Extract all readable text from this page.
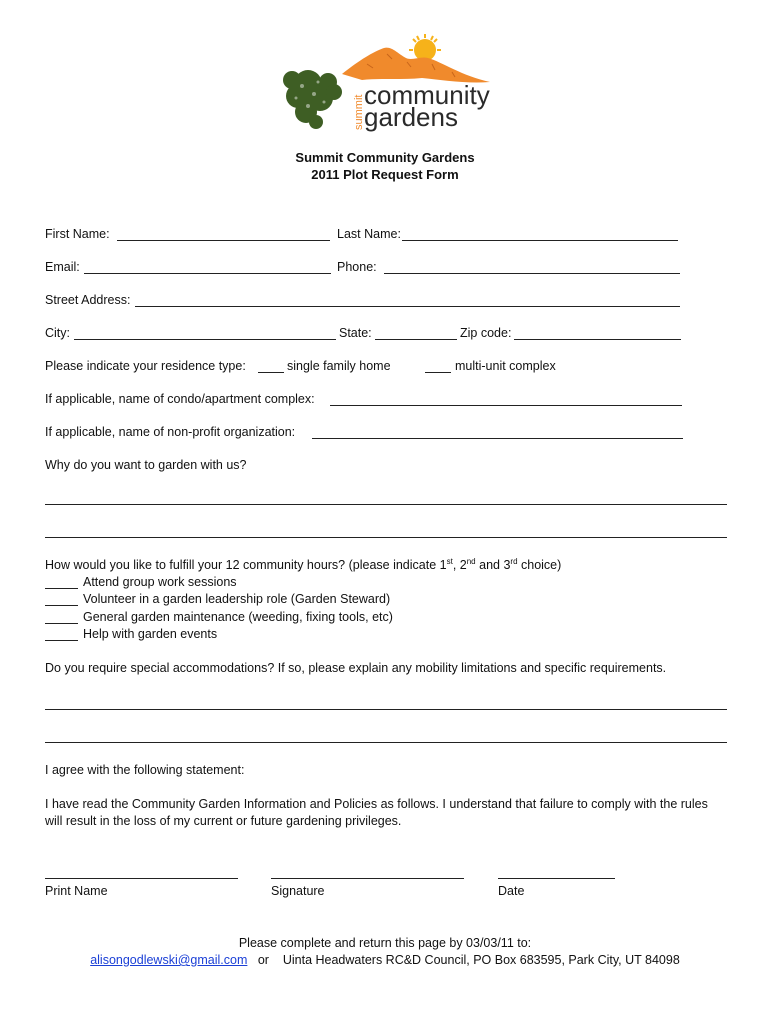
summit community
gardens
Summit Community Gardens
2011 Plot Request Form
First Name:	Last Name:
Email:	Phone:
Street Address:
City:	State:	Zip code:
Please indicate your residence type:	single family home	multi-unit complex
If applicable, name of condo/apartment complex:
If applicable, name of non-profit organization:
Why do you want to garden with us?
How would you like to fulfill your 12 community hours? (please indicate 1st, 2nd and 3rd choice)
Attend group work sessions
Volunteer in a garden leadership role (Garden Steward)
General garden maintenance (weeding, fixing tools, etc)
Help with garden events
Do you require special accommodations? If so, please explain any mobility limitations and specific requirements.
I agree with the following statement:
I have read the Community Garden Information and Policies as follows. I understand that failure to comply with the rules
will result in the loss of my current or future gardening privileges.
Print Name	Signature	Date
Please complete and return this page by 03/03/11 to:
alisongodlewski@gmail.com or Uinta Headwaters RC&D Council, PO Box 683595, Park City, UT 84098
